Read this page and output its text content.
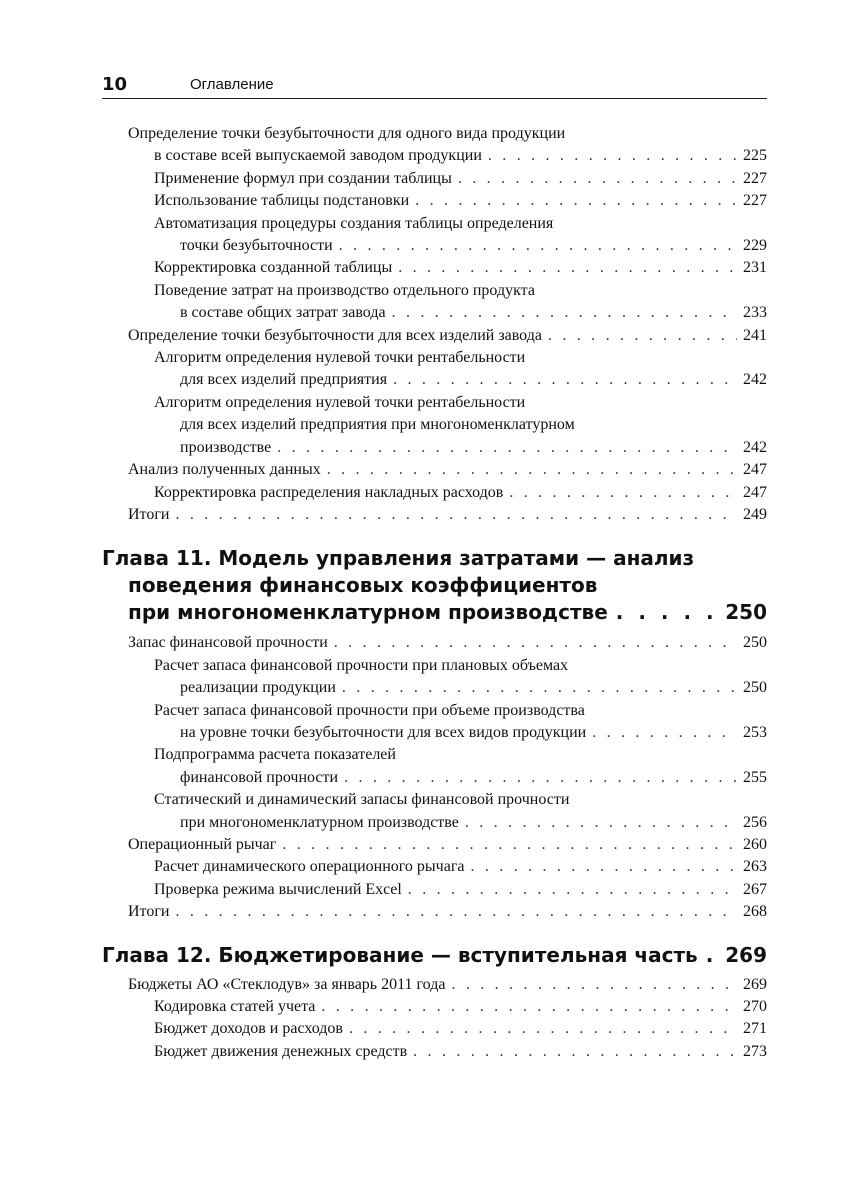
10	Оглавление
Определение точки безубыточности для одного вида продукции
в составе всей выпускаемой заводом продукции . . .	225
Применение формул при создании таблицы . . .	227
Использование таблицы подстановки . . .	227
Автоматизация процедуры создания таблицы определения
точки безубыточности . . .	229
Корректировка созданной таблицы . . .	231
Поведение затрат на производство отдельного продукта
в составе общих затрат завода . . .	233
Определение точки безубыточности для всех изделий завода . . .	241
Алгоритм определения нулевой точки рентабельности
для всех изделий предприятия . . .	242
Алгоритм определения нулевой точки рентабельности
для всех изделий предприятия при многономенклатурном
производстве . . .	242
Анализ полученных данных . . .	247
Корректировка распределения накладных расходов . . .	247
Итоги . . .	249
Глава 11. Модель управления затратами — анализ
поведения финансовых коэффициентов
при многономенклатурном производстве . . .	250
Запас финансовой прочности . . .	250
Расчет запаса финансовой прочности при плановых объемах
реализации продукции . . .	250
Расчет запаса финансовой прочности при объеме производства
на уровне точки безубыточности для всех видов продукции . . .	253
Подпрограмма расчета показателей
финансовой прочности . . .	255
Статический и динамический запасы финансовой прочности
при многономенклатурном производстве . . .	256
Операционный рычаг . . .	260
Расчет динамического операционного рычага . . .	263
Проверка режима вычислений Excel . . .	267
Итоги . . .	268
Глава 12. Бюджетирование — вступительная часть . . . 269
Бюджеты АО «Стеклодув» за январь 2011 года . . .	269
Кодировка статей учета . . .	270
Бюджет доходов и расходов . . .	271
Бюджет движения денежных средств . . .	273
